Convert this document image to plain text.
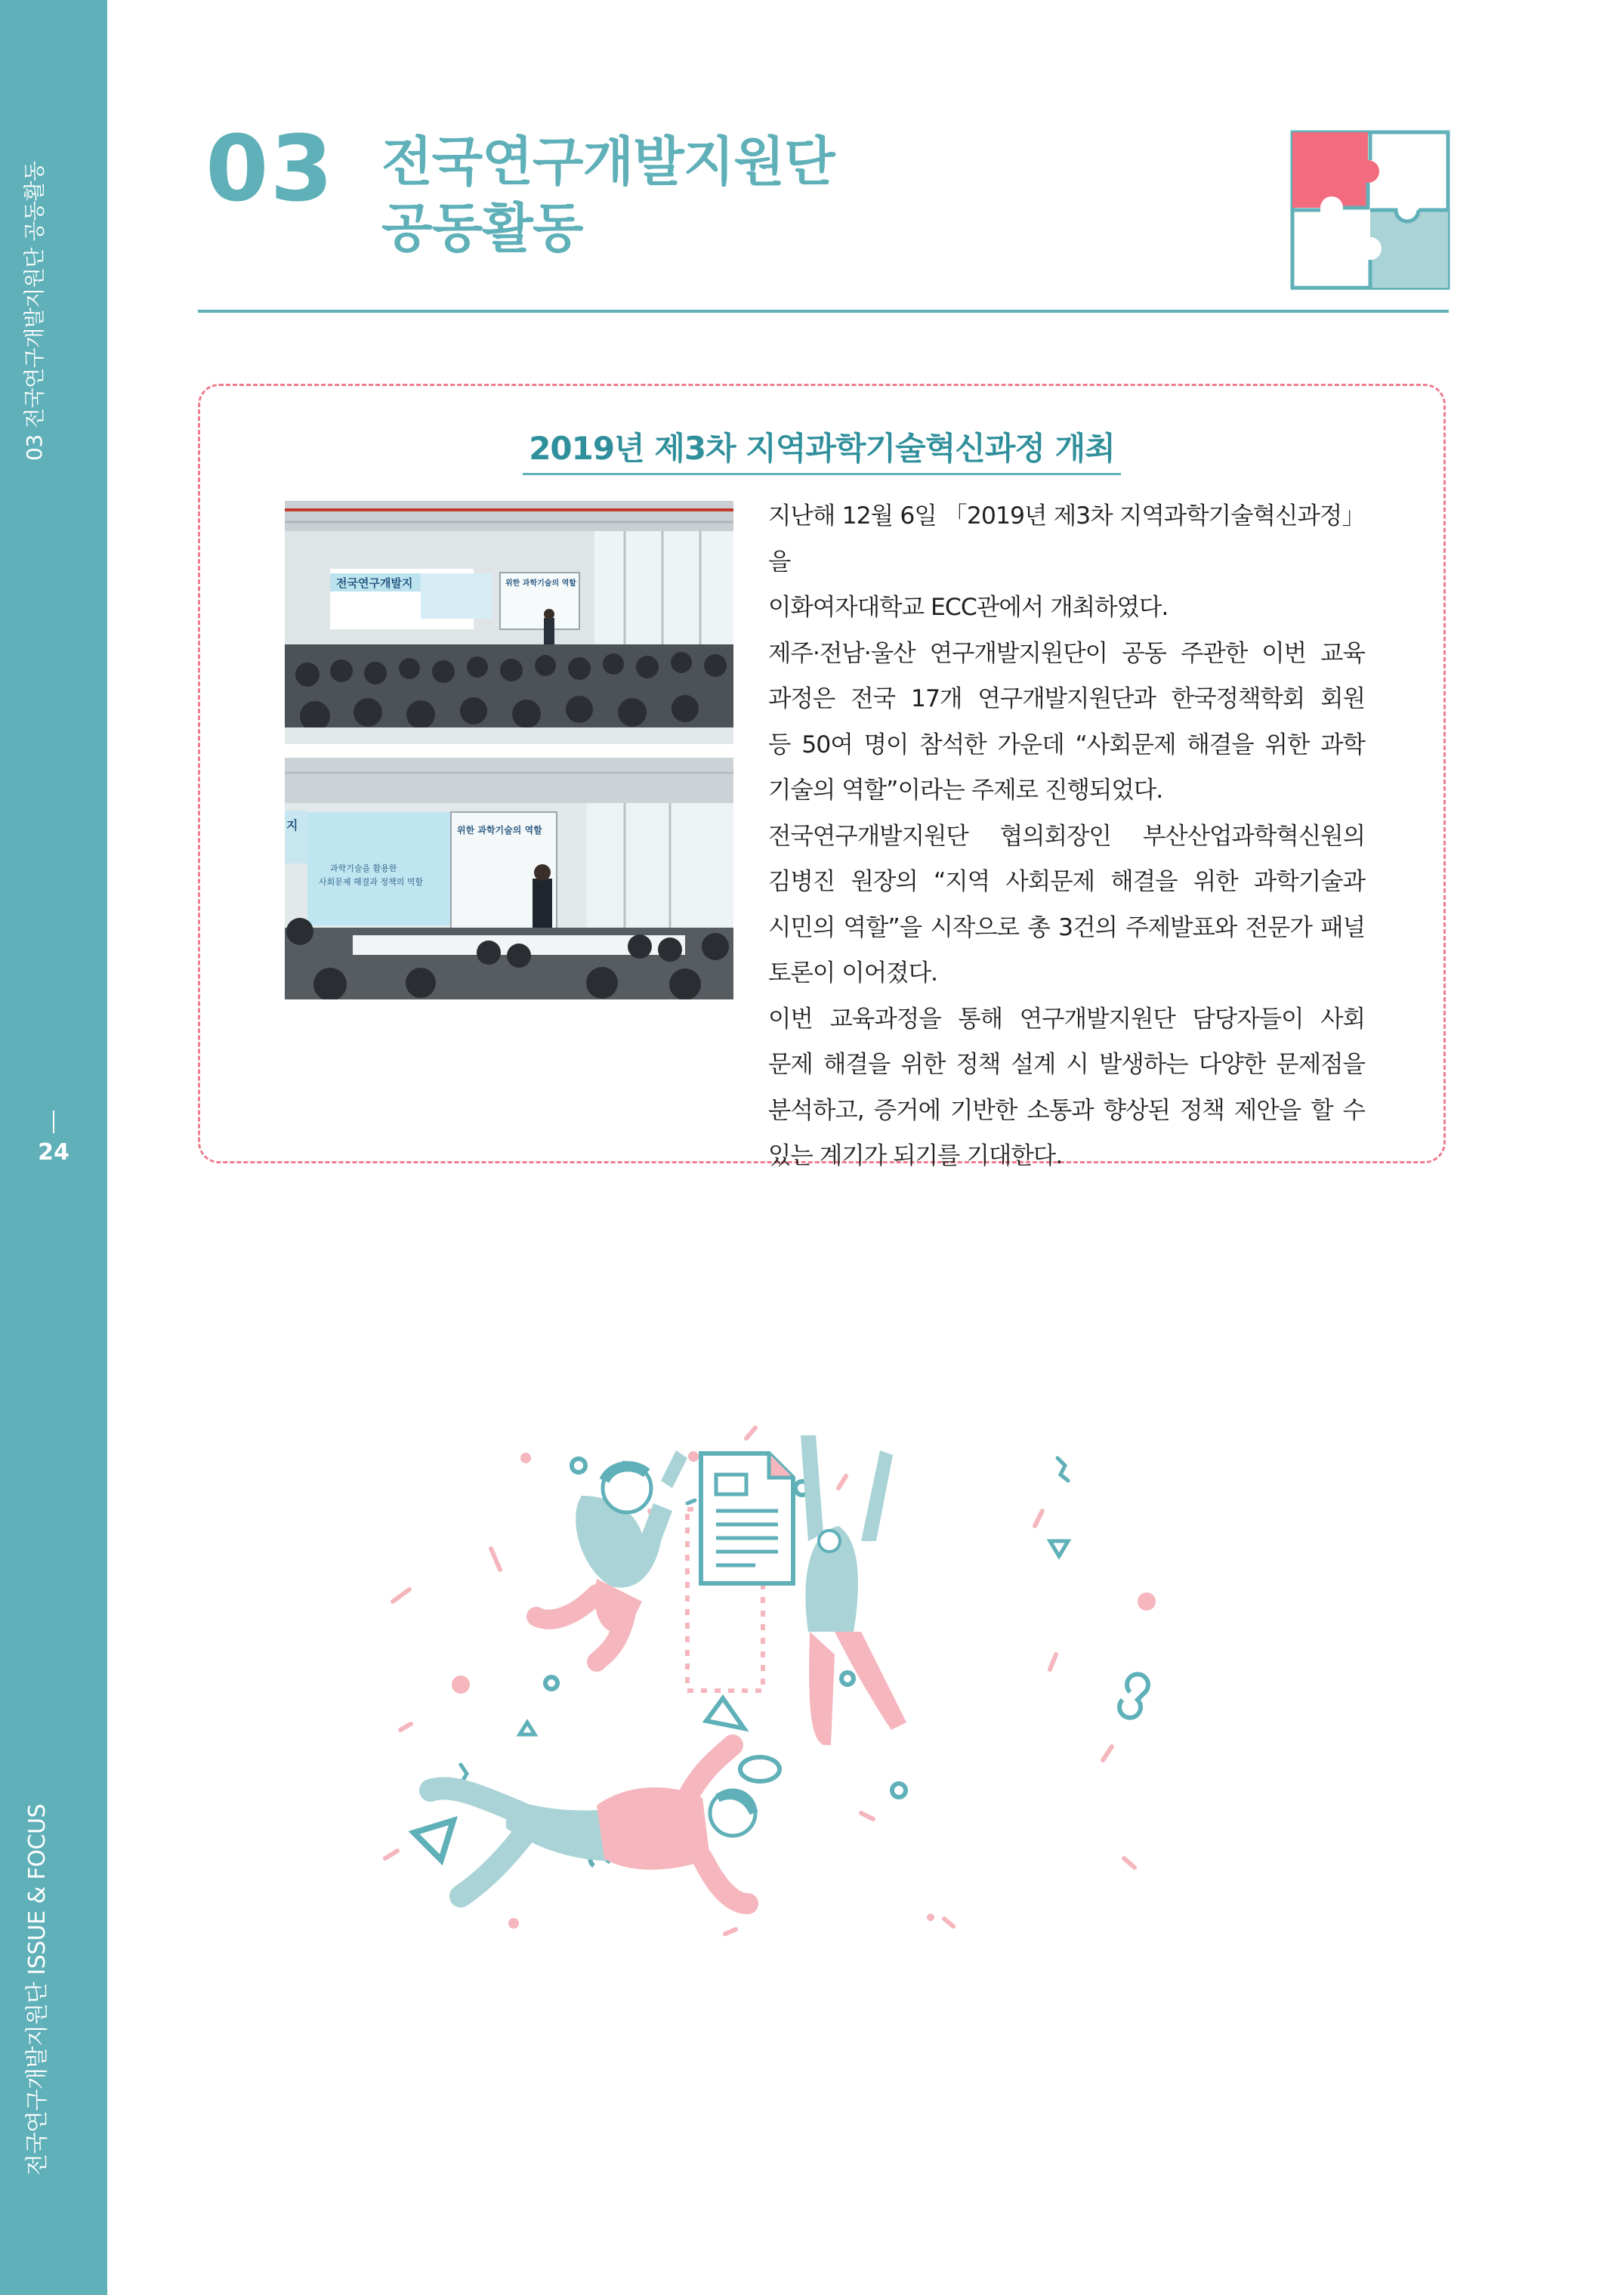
03 전국연구개발지원단 공동활동
24
전국연구개발지원단 ISSUE & FOCUS
03 전국연구개발지원단
공동활동
2019년 제3차 지역과학기술혁신과정 개최
전국연구개발지	위한 과학기술의 역할
지
과학기술을 활용한
사회문제 해결과 정책의 역할
위한 과학기술의 역할

지난해 12월 6일 「2019년 제3차 지역과학기술혁신과정」을

이화여자대학교 ECC관에서 개최하였다.

제주·전남·울산 연구개발지원단이 공동 주관한 이번 교육

과정은 전국 17개 연구개발지원단과 한국정책학회 회원

등 50여 명이 참석한 가운데 “사회문제 해결을 위한 과학

기술의 역할”이라는 주제로 진행되었다.

전국연구개발지원단 협의회장인 부산산업과학혁신원의

김병진 원장의 “지역 사회문제 해결을 위한 과학기술과

시민의 역할”을 시작으로 총 3건의 주제발표와 전문가 패널

토론이 이어졌다.

이번 교육과정을 통해 연구개발지원단 담당자들이 사회

문제 해결을 위한 정책 설계 시 발생하는 다양한 문제점을

분석하고, 증거에 기반한 소통과 향상된 정책 제안을 할 수

있는 계기가 되기를 기대한다.
